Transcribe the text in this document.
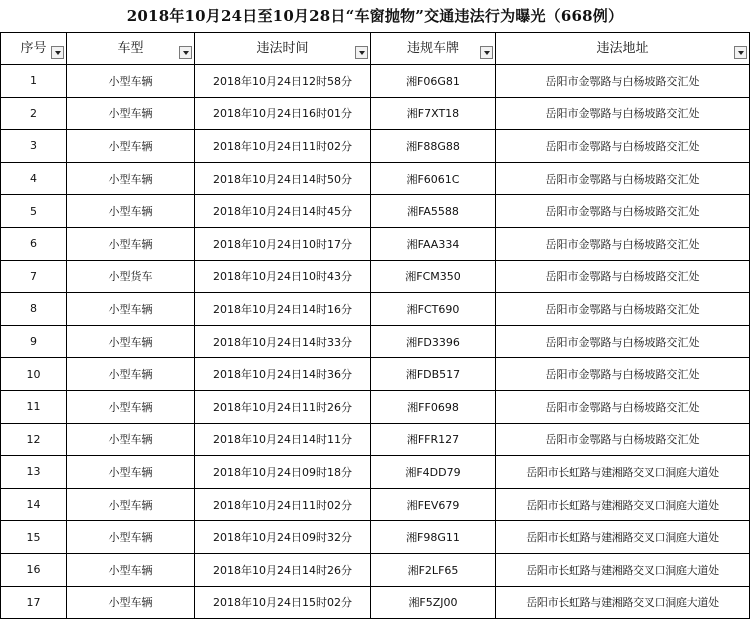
2018年10月24日至10月28日“车窗抛物”交通违法行为曝光（668例）
序号	车型	违法时间	违规车牌	违法地址

1	小型车辆	2018年10月24日12时58分	湘F06G81	岳阳市金鄂路与白杨坡路交汇处
2	小型车辆	2018年10月24日16时01分	湘F7XT18	岳阳市金鄂路与白杨坡路交汇处
3	小型车辆	2018年10月24日11时02分	湘F88G88	岳阳市金鄂路与白杨坡路交汇处
4	小型车辆	2018年10月24日14时50分	湘F6061C	岳阳市金鄂路与白杨坡路交汇处
5	小型车辆	2018年10月24日14时45分	湘FA5588	岳阳市金鄂路与白杨坡路交汇处
6	小型车辆	2018年10月24日10时17分	湘FAA334	岳阳市金鄂路与白杨坡路交汇处
7	小型货车	2018年10月24日10时43分	湘FCM350	岳阳市金鄂路与白杨坡路交汇处
8	小型车辆	2018年10月24日14时16分	湘FCT690	岳阳市金鄂路与白杨坡路交汇处
9	小型车辆	2018年10月24日14时33分	湘FD3396	岳阳市金鄂路与白杨坡路交汇处
10	小型车辆	2018年10月24日14时36分	湘FDB517	岳阳市金鄂路与白杨坡路交汇处
11	小型车辆	2018年10月24日11时26分	湘FF0698	岳阳市金鄂路与白杨坡路交汇处
12	小型车辆	2018年10月24日14时11分	湘FFR127	岳阳市金鄂路与白杨坡路交汇处
13	小型车辆	2018年10月24日09时18分	湘F4DD79	岳阳市长虹路与建湘路交叉口洞庭大道处
14	小型车辆	2018年10月24日11时02分	湘FEV679	岳阳市长虹路与建湘路交叉口洞庭大道处
15	小型车辆	2018年10月24日09时32分	湘F98G11	岳阳市长虹路与建湘路交叉口洞庭大道处
16	小型车辆	2018年10月24日14时26分	湘F2LF65	岳阳市长虹路与建湘路交叉口洞庭大道处
17	小型车辆	2018年10月24日15时02分	湘F5ZJ00	岳阳市长虹路与建湘路交叉口洞庭大道处
